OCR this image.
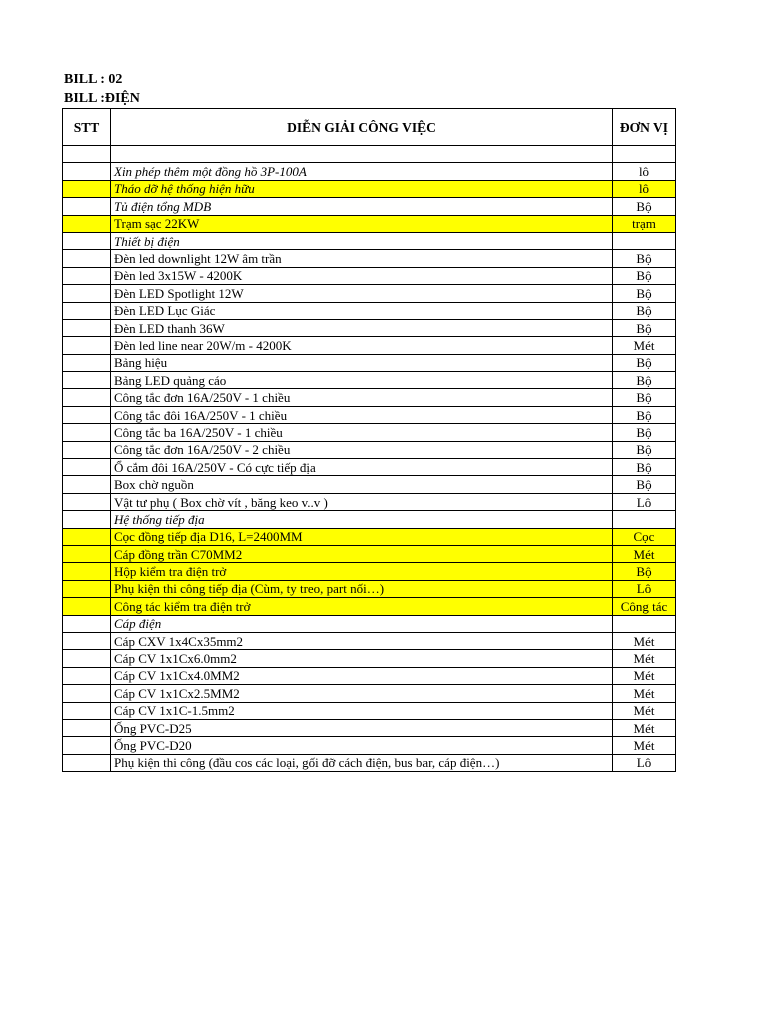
BILL : 02
BILL :ĐIỆN
STT	DIỄN GIẢI CÔNG VIỆC	ĐƠN VỊ

	Xin phép thêm một đồng hồ 3P-100A	lô
	Tháo dỡ hệ thống hiện hữu	lô
	Tủ điện tổng MDB	Bộ
	Trạm sạc 22KW	trạm
	Thiết bị điện	
	Đèn led downlight 12W âm trần	Bộ
	Đèn led 3x15W - 4200K	Bộ
	Đèn LED Spotlight 12W	Bộ
	Đèn LED Lục Giác	Bộ
	Đèn LED thanh 36W	Bộ
	Đèn led line near 20W/m - 4200K	Mét
	Bảng hiệu	Bộ
	Bảng LED quảng cáo	Bộ
	Công tắc đơn 16A/250V - 1 chiều	Bộ
	Công tắc đôi 16A/250V - 1 chiều	Bộ
	Công tắc ba 16A/250V - 1 chiều	Bộ
	Công tắc đơn 16A/250V - 2 chiều	Bộ
	Ổ cắm đôi 16A/250V - Có cực tiếp địa	Bộ
	Box chờ nguồn	Bộ
	Vật tư phụ ( Box chờ vít , băng keo v..v )	Lô
	Hệ thống tiếp địa	
	Cọc đồng tiếp địa D16, L=2400MM	Cọc
	Cáp đồng trần C70MM2	Mét
	Hộp kiểm tra điện trở	Bộ
	Phụ kiện thi công tiếp địa (Cùm, ty treo, part nối…)	Lô
	Công tác kiểm tra điện trở	Công tác
	Cáp điện	
	Cáp CXV 1x4Cx35mm2	Mét
	Cáp CV 1x1Cx6.0mm2	Mét
	Cáp CV 1x1Cx4.0MM2	Mét
	Cáp CV 1x1Cx2.5MM2	Mét
	Cáp CV 1x1C-1.5mm2	Mét
	Ống PVC-D25	Mét
	Ống PVC-D20	Mét
	Phụ kiện thi công (đầu cos các loại, gối đỡ cách điện, bus bar, cáp điện…)	Lô
